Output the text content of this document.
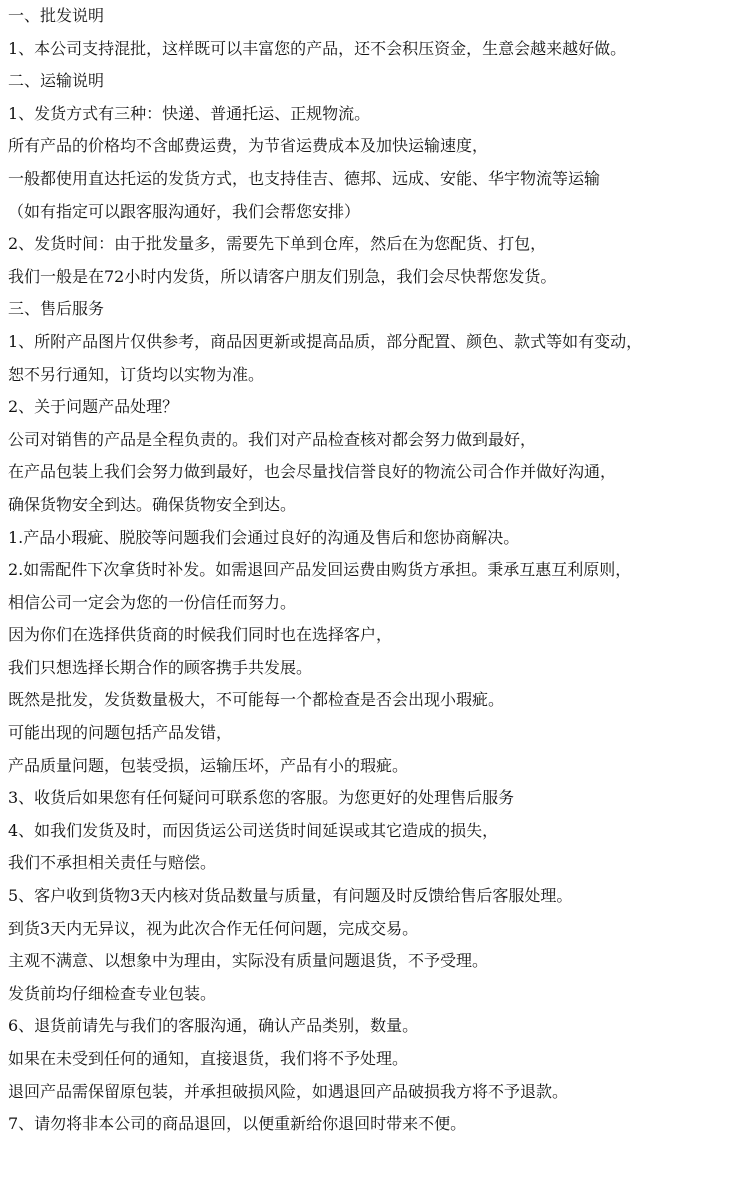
一、批发说明
1、本公司支持混批，这样既可以丰富您的产品，还不会积压资金，生意会越来越好做。
二、运输说明
1、发货方式有三种：快递、普通托运、正规物流。
所有产品的价格均不含邮费运费，为节省运费成本及加快运输速度，
一般都使用直达托运的发货方式，也支持佳吉、德邦、远成、安能、华宇物流等运输
（如有指定可以跟客服沟通好，我们会帮您安排）
2、发货时间：由于批发量多，需要先下单到仓库，然后在为您配货、打包，
我们一般是在72小时内发货，所以请客户朋友们别急，我们会尽快帮您发货。
三、售后服务
1、所附产品图片仅供参考，商品因更新或提高品质，部分配置、颜色、款式等如有变动，
恕不另行通知，订货均以实物为准。
2、关于问题产品处理？
公司对销售的产品是全程负责的。我们对产品检查核对都会努力做到最好，
在产品包装上我们会努力做到最好，也会尽量找信誉良好的物流公司合作并做好沟通，
确保货物安全到达。确保货物安全到达。
1.产品小瑕疵、脱胶等问题我们会通过良好的沟通及售后和您协商解决。
2.如需配件下次拿货时补发。如需退回产品发回运费由购货方承担。秉承互惠互利原则，
相信公司一定会为您的一份信任而努力。
因为你们在选择供货商的时候我们同时也在选择客户，
我们只想选择长期合作的顾客携手共发展。
既然是批发，发货数量极大，不可能每一个都检查是否会出现小瑕疵。
可能出现的问题包括产品发错，
产品质量问题，包装受损，运输压坏，产品有小的瑕疵。
3、收货后如果您有任何疑问可联系您的客服。为您更好的处理售后服务
4、如我们发货及时，而因货运公司送货时间延误或其它造成的损失，
我们不承担相关责任与赔偿。
5、客户收到货物3天内核对货品数量与质量，有问题及时反馈给售后客服处理。
到货3天内无异议，视为此次合作无任何问题，完成交易。
主观不满意、以想象中为理由，实际没有质量问题退货，不予受理。
发货前均仔细检查专业包装。
6、退货前请先与我们的客服沟通，确认产品类别，数量。
如果在未受到任何的通知，直接退货，我们将不予处理。
退回产品需保留原包装，并承担破损风险，如遇退回产品破损我方将不予退款。
7、请勿将非本公司的商品退回，以便重新给你退回时带来不便。
